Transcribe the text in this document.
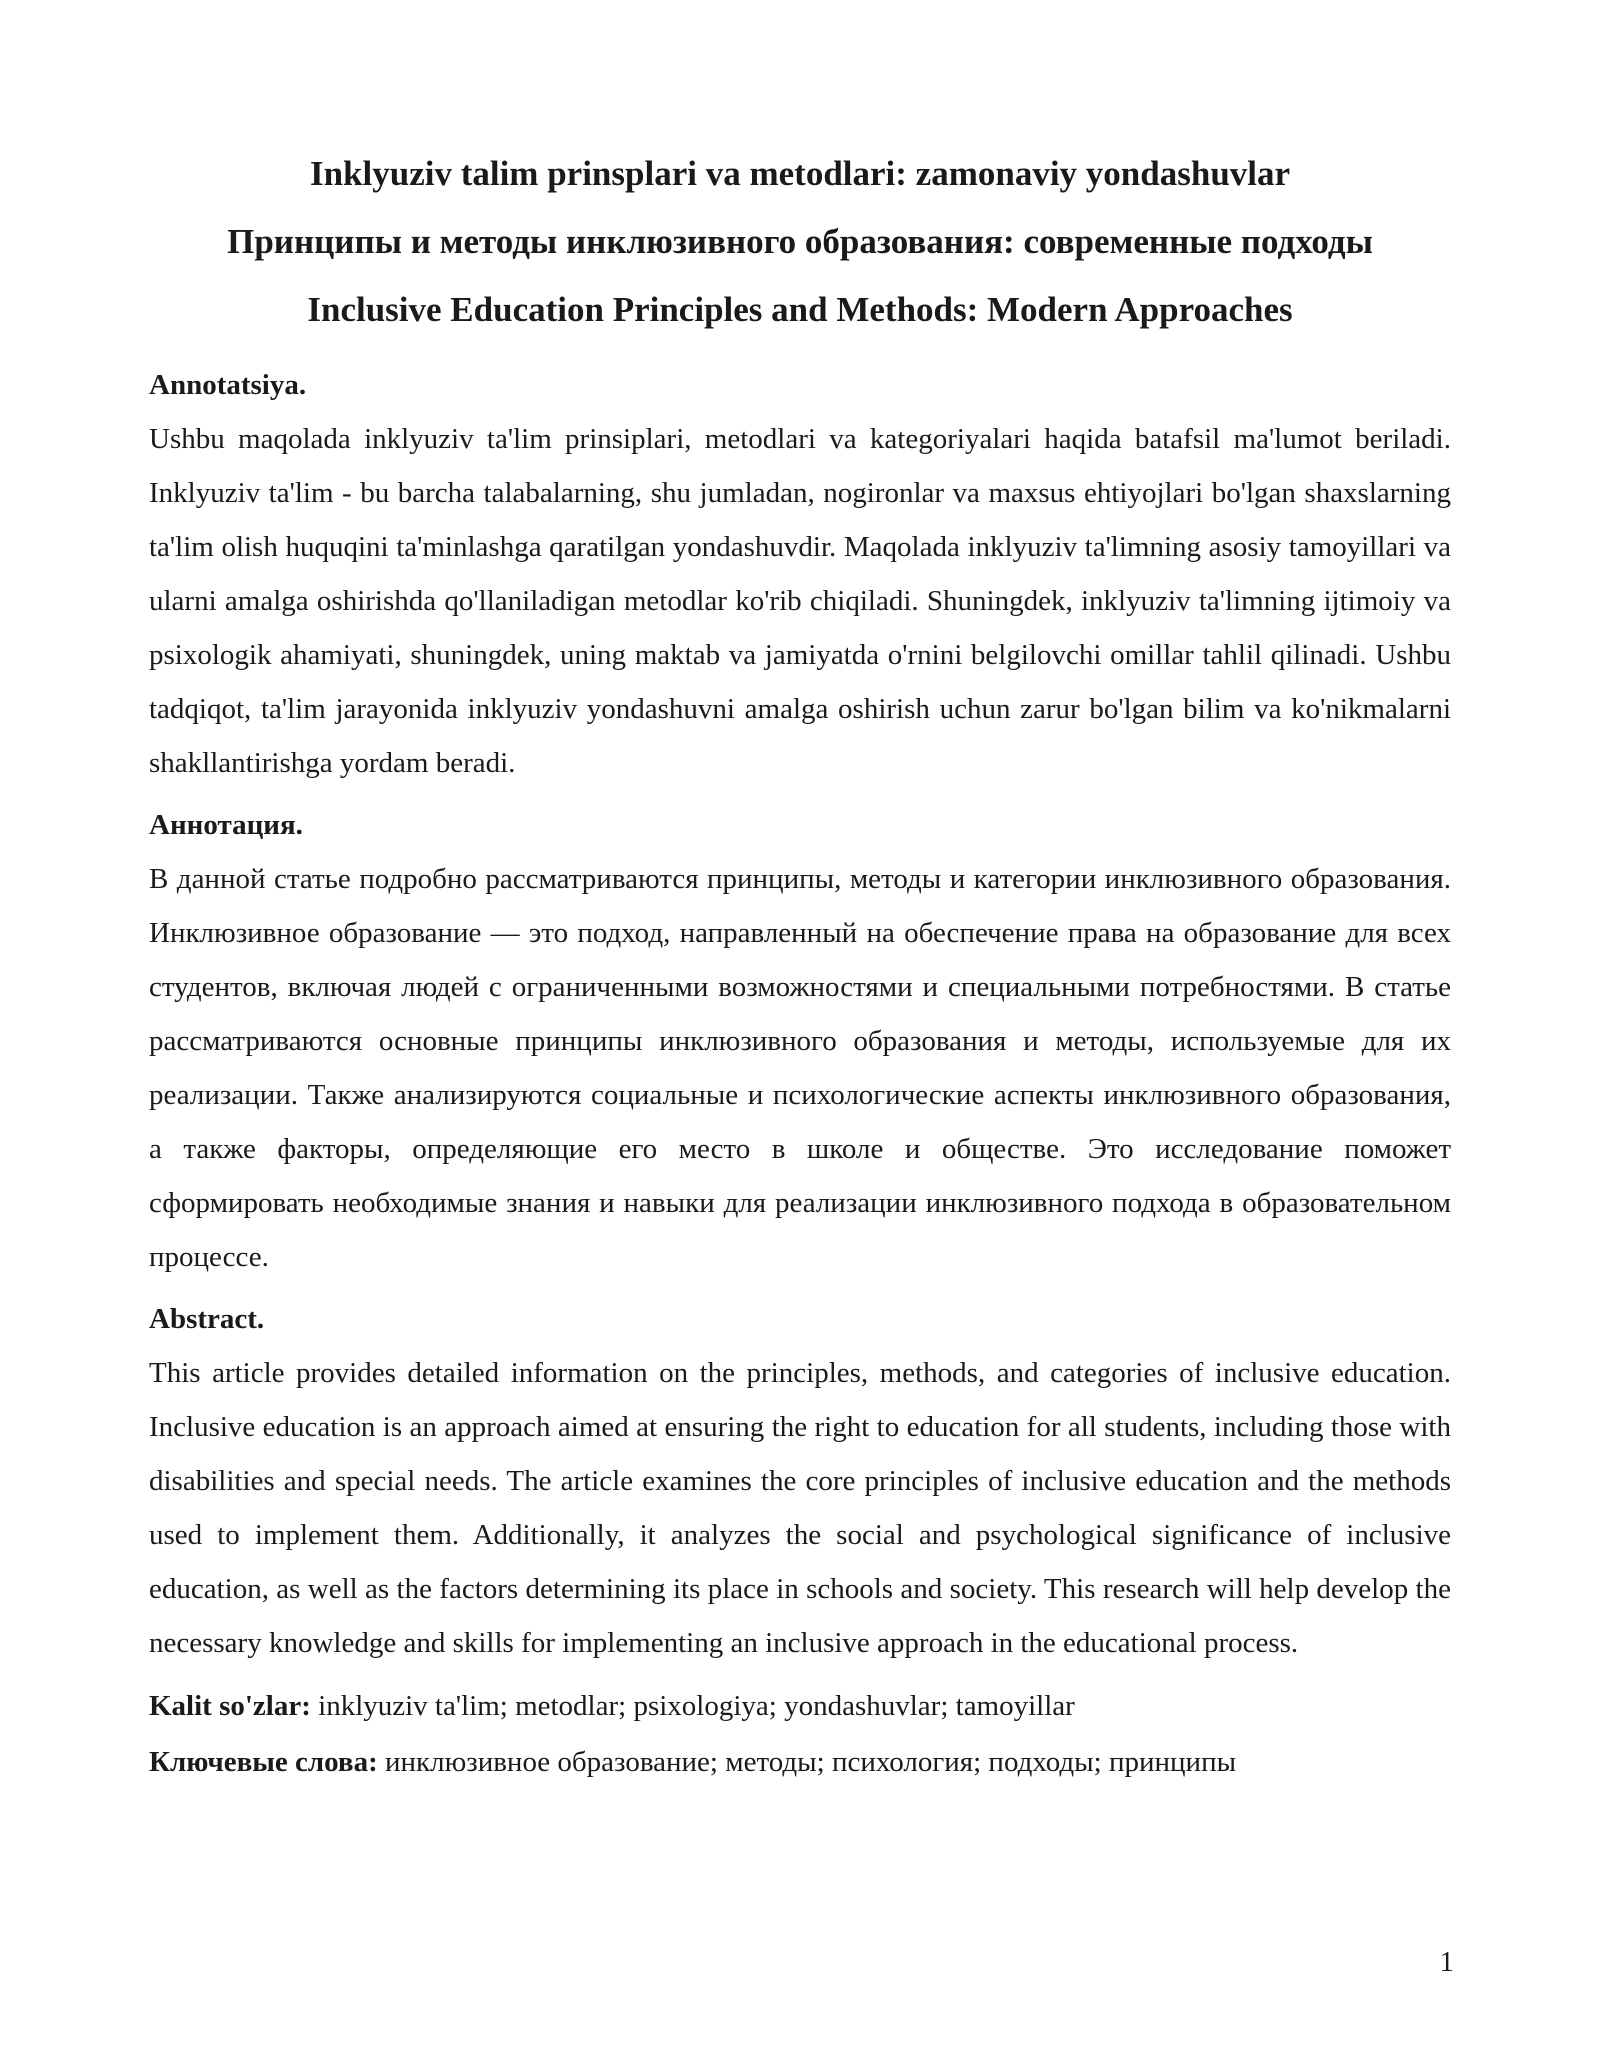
Inklyuziv talim prinsplari va metodlari: zamonaviy yondashuvlar

Принципы и методы инклюзивного образования: современные подходы

Inclusive Education Principles and Methods: Modern Approaches

Annotatsiya.

Ushbu maqolada inklyuziv ta'lim prinsiplari, metodlari va kategoriyalari haqida batafsil ma'lumot beriladi. Inklyuziv ta'lim - bu barcha talabalarning, shu jumladan, nogironlar va maxsus ehtiyojlari bo'lgan shaxslarning ta'lim olish huquqini ta'minlashga qaratilgan yondashuvdir. Maqolada inklyuziv ta'limning asosiy tamoyillari va ularni amalga oshirishda qo'llaniladigan metodlar ko'rib chiqiladi. Shuningdek, inklyuziv ta'limning ijtimoiy va psixologik ahamiyati, shuningdek, uning maktab va jamiyatda o'rnini belgilovchi omillar tahlil qilinadi. Ushbu tadqiqot, ta'lim jarayonida inklyuziv yondashuvni amalga oshirish uchun zarur bo'lgan bilim va ko'nikmalarni shakllantirishga yordam beradi.

Аннотация.

В данной статье подробно рассматриваются принципы, методы и категории инклюзивного образования. Инклюзивное образование — это подход, направленный на обеспечение права на образование для всех студентов, включая людей с ограниченными возможностями и специальными потребностями. В статье рассматриваются основные принципы инклюзивного образования и методы, используемые для их реализации. Также анализируются социальные и психологические аспекты инклюзивного образования, а также факторы, определяющие его место в школе и обществе. Это исследование поможет сформировать необходимые знания и навыки для реализации инклюзивного подхода в образовательном процессе.

Abstract.

This article provides detailed information on the principles, methods, and categories of inclusive education. Inclusive education is an approach aimed at ensuring the right to education for all students, including those with disabilities and special needs. The article examines the core principles of inclusive education and the methods used to implement them. Additionally, it analyzes the social and psychological significance of inclusive education, as well as the factors determining its place in schools and society. This research will help develop the necessary knowledge and skills for implementing an inclusive approach in the educational process.

Kalit so'zlar: inklyuziv ta'lim; metodlar; psixologiya; yondashuvlar; tamoyillar

Ключевые слова: инклюзивное образование; методы; психология; подходы; принципы

1
